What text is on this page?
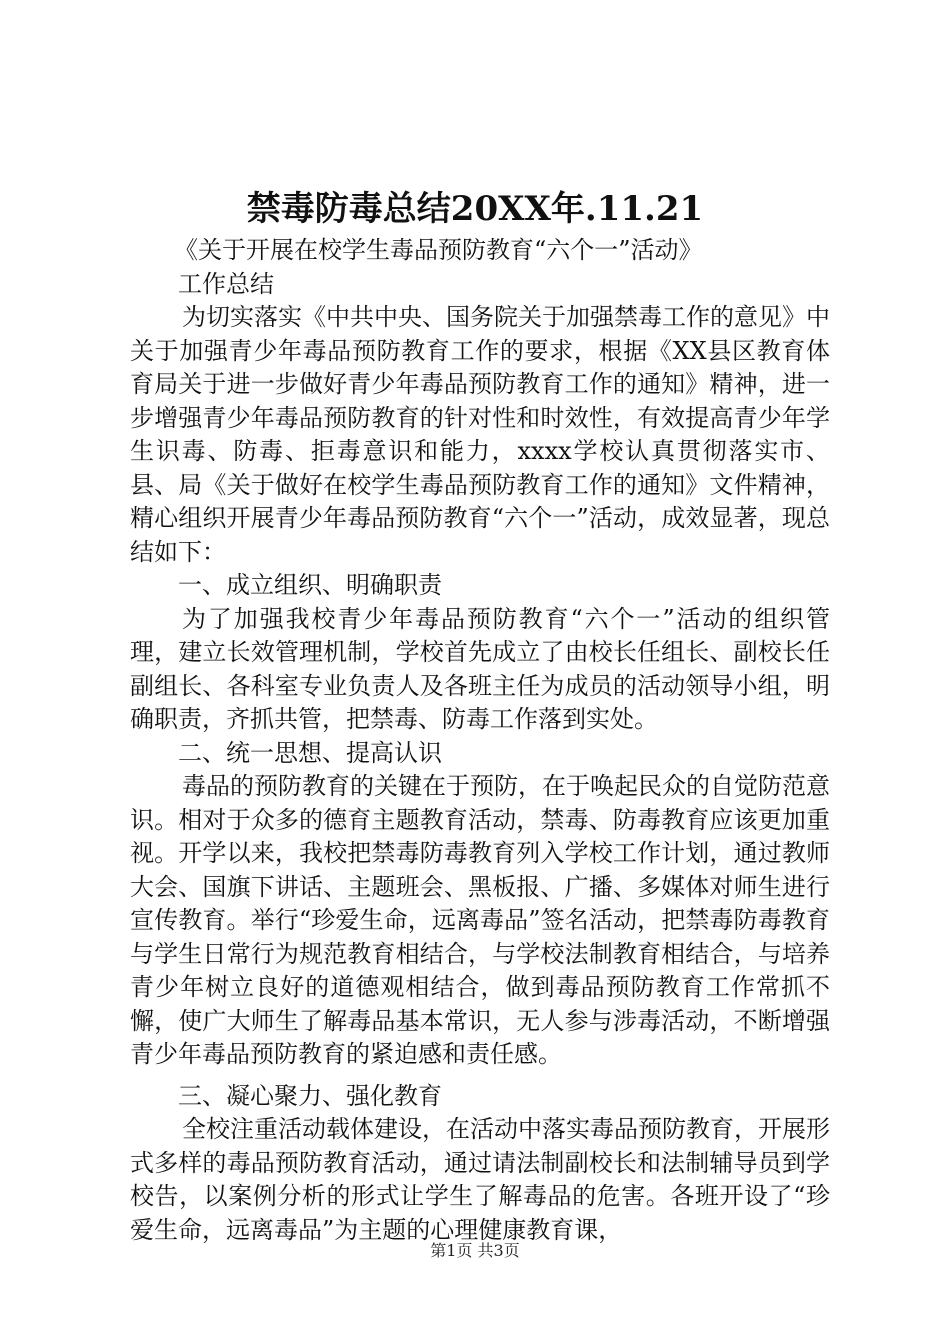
禁毒防毒总结20XX年.11.21

《关于开展在校学生毒品预防教育“六个一”活动》

工作总结

为切实落实《中共中央、国务院关于加强禁毒工作的意见》中关于加强青少年毒品预防教育工作的要求，根据《XX县区教育体育局关于进一步做好青少年毒品预防教育工作的通知》精神，进一步增强青少年毒品预防教育的针对性和时效性，有效提高青少年学生识毒、防毒、拒毒意识和能力，xxxx学校认真贯彻落实市、县、局《关于做好在校学生毒品预防教育工作的通知》文件精神，精心组织开展青少年毒品预防教育“六个一”活动，成效显著，现总结如下：

一、成立组织、明确职责

为了加强我校青少年毒品预防教育“六个一”活动的组织管理，建立长效管理机制，学校首先成立了由校长任组长、副校长任副组长、各科室专业负责人及各班主任为成员的活动领导小组，明确职责，齐抓共管，把禁毒、防毒工作落到实处。

二、统一思想、提高认识

毒品的预防教育的关键在于预防，在于唤起民众的自觉防范意识。相对于众多的德育主题教育活动，禁毒、防毒教育应该更加重视。开学以来，我校把禁毒防毒教育列入学校工作计划，通过教师大会、国旗下讲话、主题班会、黑板报、广播、多媒体对师生进行宣传教育。举行“珍爱生命，远离毒品”签名活动，把禁毒防毒教育与学生日常行为规范教育相结合，与学校法制教育相结合，与培养青少年树立良好的道德观相结合，做到毒品预防教育工作常抓不懈，使广大师生了解毒品基本常识，无人参与涉毒活动，不断增强青少年毒品预防教育的紧迫感和责任感。

三、凝心聚力、强化教育

全校注重活动载体建设，在活动中落实毒品预防教育，开展形式多样的毒品预防教育活动，通过请法制副校长和法制辅导员到学校告，以案例分析的形式让学生了解毒品的危害。各班开设了“珍爱生命，远离毒品”为主题的心理健康教育课，

第1页 共3页
